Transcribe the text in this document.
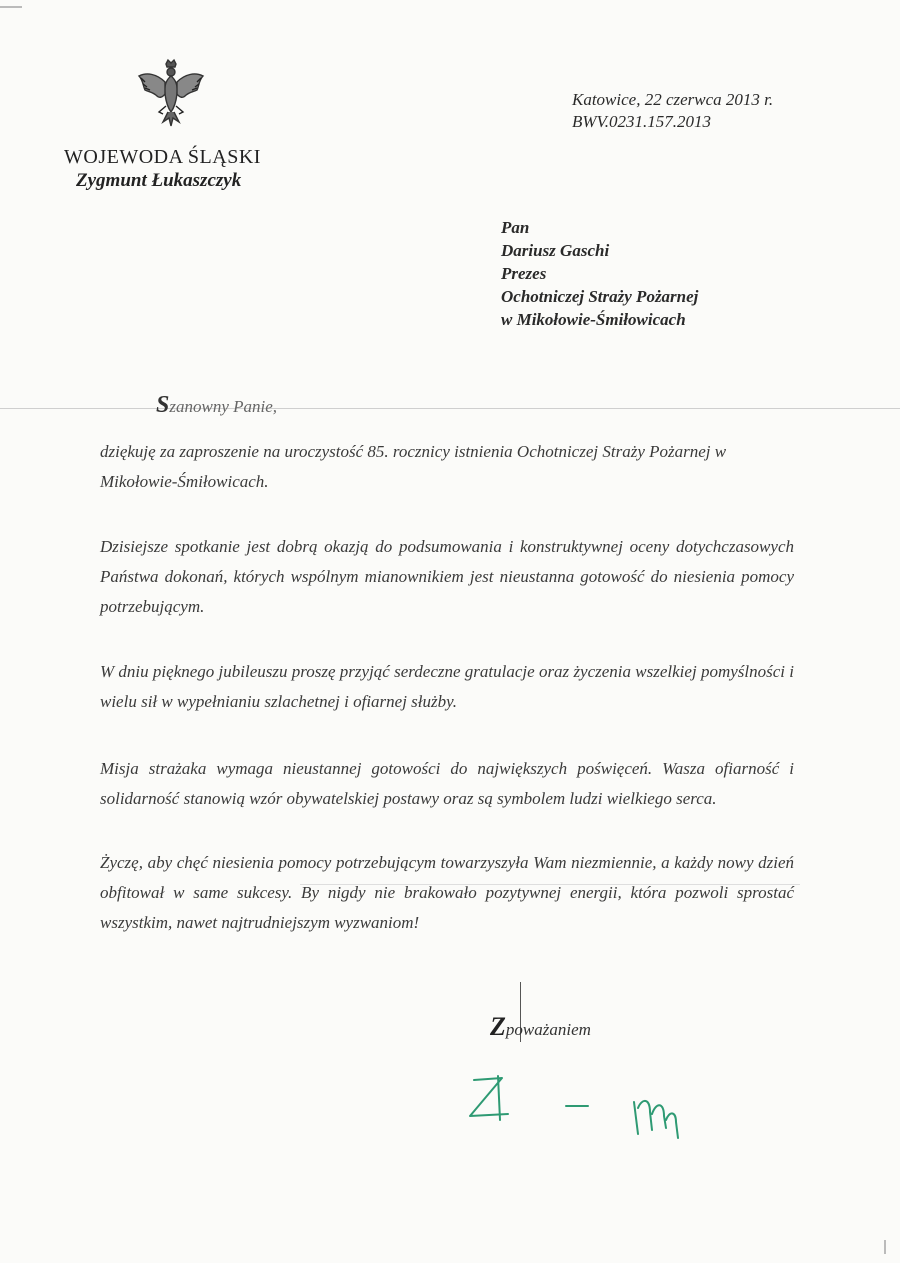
WOJEWODA ŚLĄSKI
Zygmunt Łukaszczyk
Katowice, 22 czerwca 2013 r.
BWV.0231.157.2013
Pan
Dariusz Gaschi
Prezes
Ochotniczej Straży Pożarnej
w Mikołowie-Śmiłowicach
Szanowny Panie,
dziękuję za zaproszenie na uroczystość 85. rocznicy istnienia Ochotniczej Straży Pożarnej w Mikołowie-Śmiłowicach.
Dzisiejsze spotkanie jest dobrą okazją do podsumowania i konstruktywnej oceny dotychczasowych Państwa dokonań, których wspólnym mianownikiem jest nieustanna gotowość do niesienia pomocy potrzebującym.
W dniu pięknego jubileuszu proszę przyjąć serdeczne gratulacje oraz życzenia wszelkiej pomyślności i wielu sił w wypełnianiu szlachetnej i ofiarnej służby.
Misja strażaka wymaga nieustannej gotowości do największych poświęceń. Wasza ofiarność i solidarność stanowią wzór obywatelskiej postawy oraz są symbolem ludzi wielkiego serca.
Życzę, aby chęć niesienia pomocy potrzebującym towarzyszyła Wam niezmiennie, a każdy nowy dzień obfitował w same sukcesy. By nigdy nie brakowało pozytywnej energii, która pozwoli sprostać wszystkim, nawet najtrudniejszym wyzwaniom!
Zpoważaniem
